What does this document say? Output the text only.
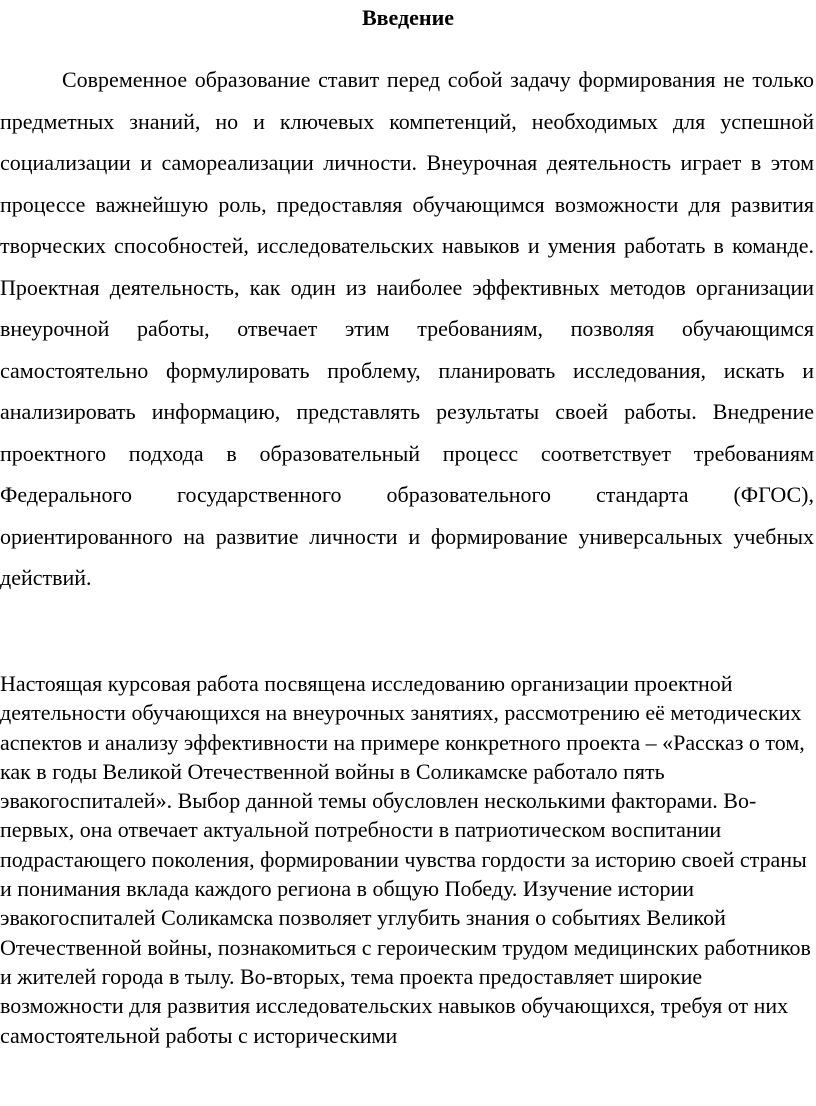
Введение

Современное образование ставит перед собой задачу формирования не только предметных знаний, но и ключевых компетенций, необходимых для успешной социализации и самореализации личности. Внеурочная деятельность играет в этом процессе важнейшую роль, предоставляя обучающимся возможности для развития творческих способностей, исследовательских навыков и умения работать в команде. Проектная деятельность, как один из наиболее эффективных методов организации внеурочной работы, отвечает этим требованиям, позволяя обучающимся самостоятельно формулировать проблему, планировать исследования, искать и анализировать информацию, представлять результаты своей работы. Внедрение проектного подхода в образовательный процесс соответствует требованиям Федерального государственного образовательного стандарта (ФГОС), ориентированного на развитие личности и формирование универсальных учебных действий.

Настоящая курсовая работа посвящена исследованию организации проектной деятельности обучающихся на внеурочных занятиях, рассмотрению её методических аспектов и анализу эффективности на примере конкретного проекта – «Рассказ о том, как в годы Великой Отечественной войны в Соликамске работало пять эвакогоспиталей». Выбор данной темы обусловлен несколькими факторами. Во-первых, она отвечает актуальной потребности в патриотическом воспитании подрастающего поколения, формировании чувства гордости за историю своей страны и понимания вклада каждого региона в общую Победу. Изучение истории эвакогоспиталей Соликамска позволяет углубить знания о событиях Великой Отечественной войны, познакомиться с героическим трудом медицинских работников и жителей города в тылу. Во-вторых, тема проекта предоставляет широкие возможности для развития исследовательских навыков обучающихся, требуя от них самостоятельной работы с историческими
